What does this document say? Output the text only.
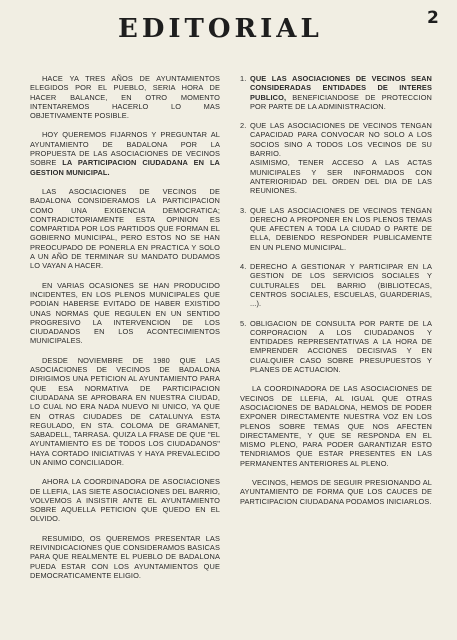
EDITORIAL	2

HACE YA TRES AÑOS DE AYUNTAMIENTOS ELEGIDOS POR EL PUEBLO, SERIA HORA DE HACER BALANCE, EN OTRO MOMENTO INTENTAREMOS HACERLO LO MAS OBJETIVAMENTE POSIBLE.

HOY QUEREMOS FIJARNOS Y PREGUNTAR AL AYUNTAMIENTO DE BADALONA POR LA PROPUESTA DE LAS ASOCIACIONES DE VECINOS SOBRE LA PARTICIPACION CIUDADANA EN LA GESTION MUNICIPAL.

LAS ASOCIACIONES DE VECINOS DE BADALONA CONSIDERAMOS LA PARTICIPACION COMO UNA EXIGENCIA DEMOCRATICA; CONTRADICTORIAMENTE ESTA OPINION ES COMPARTIDA POR LOS PARTIDOS QUE FORMAN EL GOBIERNO MUNICIPAL, PERO ESTOS NO SE HAN PREOCUPADO DE PONERLA EN PRACTICA Y SOLO A UN AÑO DE TERMINAR SU MANDATO DUDAMOS LO VAYAN A HACER.

EN VARIAS OCASIONES SE HAN PRODUCIDO INCIDENTES, EN LOS PLENOS MUNICIPALES QUE PODIAN HABERSE EVITADO DE HABER EXISTIDO UNAS NORMAS QUE REGULEN EN UN SENTIDO PROGRESIVO LA INTERVENCION DE LOS CIUDADANOS EN LOS ACONTECIMIENTOS MUNICIPALES.

DESDE NOVIEMBRE DE 1980 QUE LAS ASOCIACIONES DE VECINOS DE BADALONA DIRIGIMOS UNA PETICION AL AYUNTAMIENTO PARA QUE ESA NORMATIVA DE PARTICIPACION CIUDADANA SE APROBARA EN NUESTRA CIUDAD, LO CUAL NO ERA NADA NUEVO NI UNICO, YA QUE EN OTRAS CIUDADES DE CATALUNYA ESTA REGULADO, EN STA. COLOMA DE GRAMANET, SABADELL, TARRASA. QUIZA LA FRASE DE QUE "EL AYUNTAMIENTO ES DE TODOS LOS CIUDADANOS" HAYA CORTADO INICIATIVAS Y HAYA PREVALECIDO UN ANIMO CONCILIADOR.

AHORA LA COORDINADORA DE ASOCIACIONES DE LLEFIA, LAS SIETE ASOCIACIONES DEL BARRIO, VOLVEMOS A INSISTIR ANTE EL AYUNTAMIENTO SOBRE AQUELLA PETICION QUE QUEDO EN EL OLVIDO.

RESUMIDO, OS QUEREMOS PRESENTAR LAS REIVINDICACIONES QUE CONSIDERAMOS BASICAS PARA QUE REALMENTE EL PUEBLO DE BADALONA PUEDA ESTAR CON LOS AYUNTAMIENTOS QUE DEMOCRATICAMENTE ELIGIO.

1. QUE LAS ASOCIACIONES DE VECINOS SEAN CONSIDERADAS ENTIDADES DE INTERES PUBLICO, BENEFICIANDOSE DE PROTECCION POR PARTE DE LA ADMINISTRACION.
2. QUE LAS ASOCIACIONES DE VECINOS TENGAN CAPACIDAD PARA CONVOCAR NO SOLO A LOS SOCIOS SINO A TODOS LOS VECINOS DE SU BARRIO.
ASIMISMO, TENER ACCESO A LAS ACTAS MUNICIPALES Y SER INFORMADOS CON ANTERIORIDAD DEL ORDEN DEL DIA DE LAS REUNIONES.
3. QUE LAS ASOCIACIONES DE VECINOS TENGAN DERECHO A PROPONER EN LOS PLENOS TEMAS QUE AFECTEN A TODA LA CIUDAD O PARTE DE ELLA, DEBIENDO RESPONDER PUBLICAMENTE EN UN PLENO MUNICIPAL.
4. DERECHO A GESTIONAR Y PARTICIPAR EN LA GESTION DE LOS SERVICIOS SOCIALES Y CULTURALES DEL BARRIO (BIBLIOTECAS, CENTROS SOCIALES, ESCUELAS, GUARDERIAS, ...).
5. OBLIGACION DE CONSULTA POR PARTE DE LA CORPORACION A LOS CIUDADANOS Y ENTIDADES REPRESENTATIVAS A LA HORA DE EMPRENDER ACCIONES DECISIVAS Y EN CUALQUIER CASO SOBRE PRESUPUESTOS Y PLANES DE ACTUACION.

LA COORDINADORA DE LAS ASOCIACIONES DE VECINOS DE LLEFIA, AL IGUAL QUE OTRAS ASOCIACIONES DE BADALONA, HEMOS DE PODER EXPONER DIRECTAMENTE NUESTRA VOZ EN LOS PLENOS SOBRE TEMAS QUE NOS AFECTEN DIRECTAMENTE, Y QUE SE RESPONDA EN EL MISMO PLENO, PARA PODER GARANTIZAR ESTO TENDRIAMOS QUE ESTAR PRESENTES EN LAS PERMANENTES ANTERIORES AL PLENO.

VECINOS, HEMOS DE SEGUIR PRESIONANDO AL AYUNTAMIENTO DE FORMA QUE LOS CAUCES DE PARTICIPACION CIUDADANA PODAMOS INICIARLOS.
